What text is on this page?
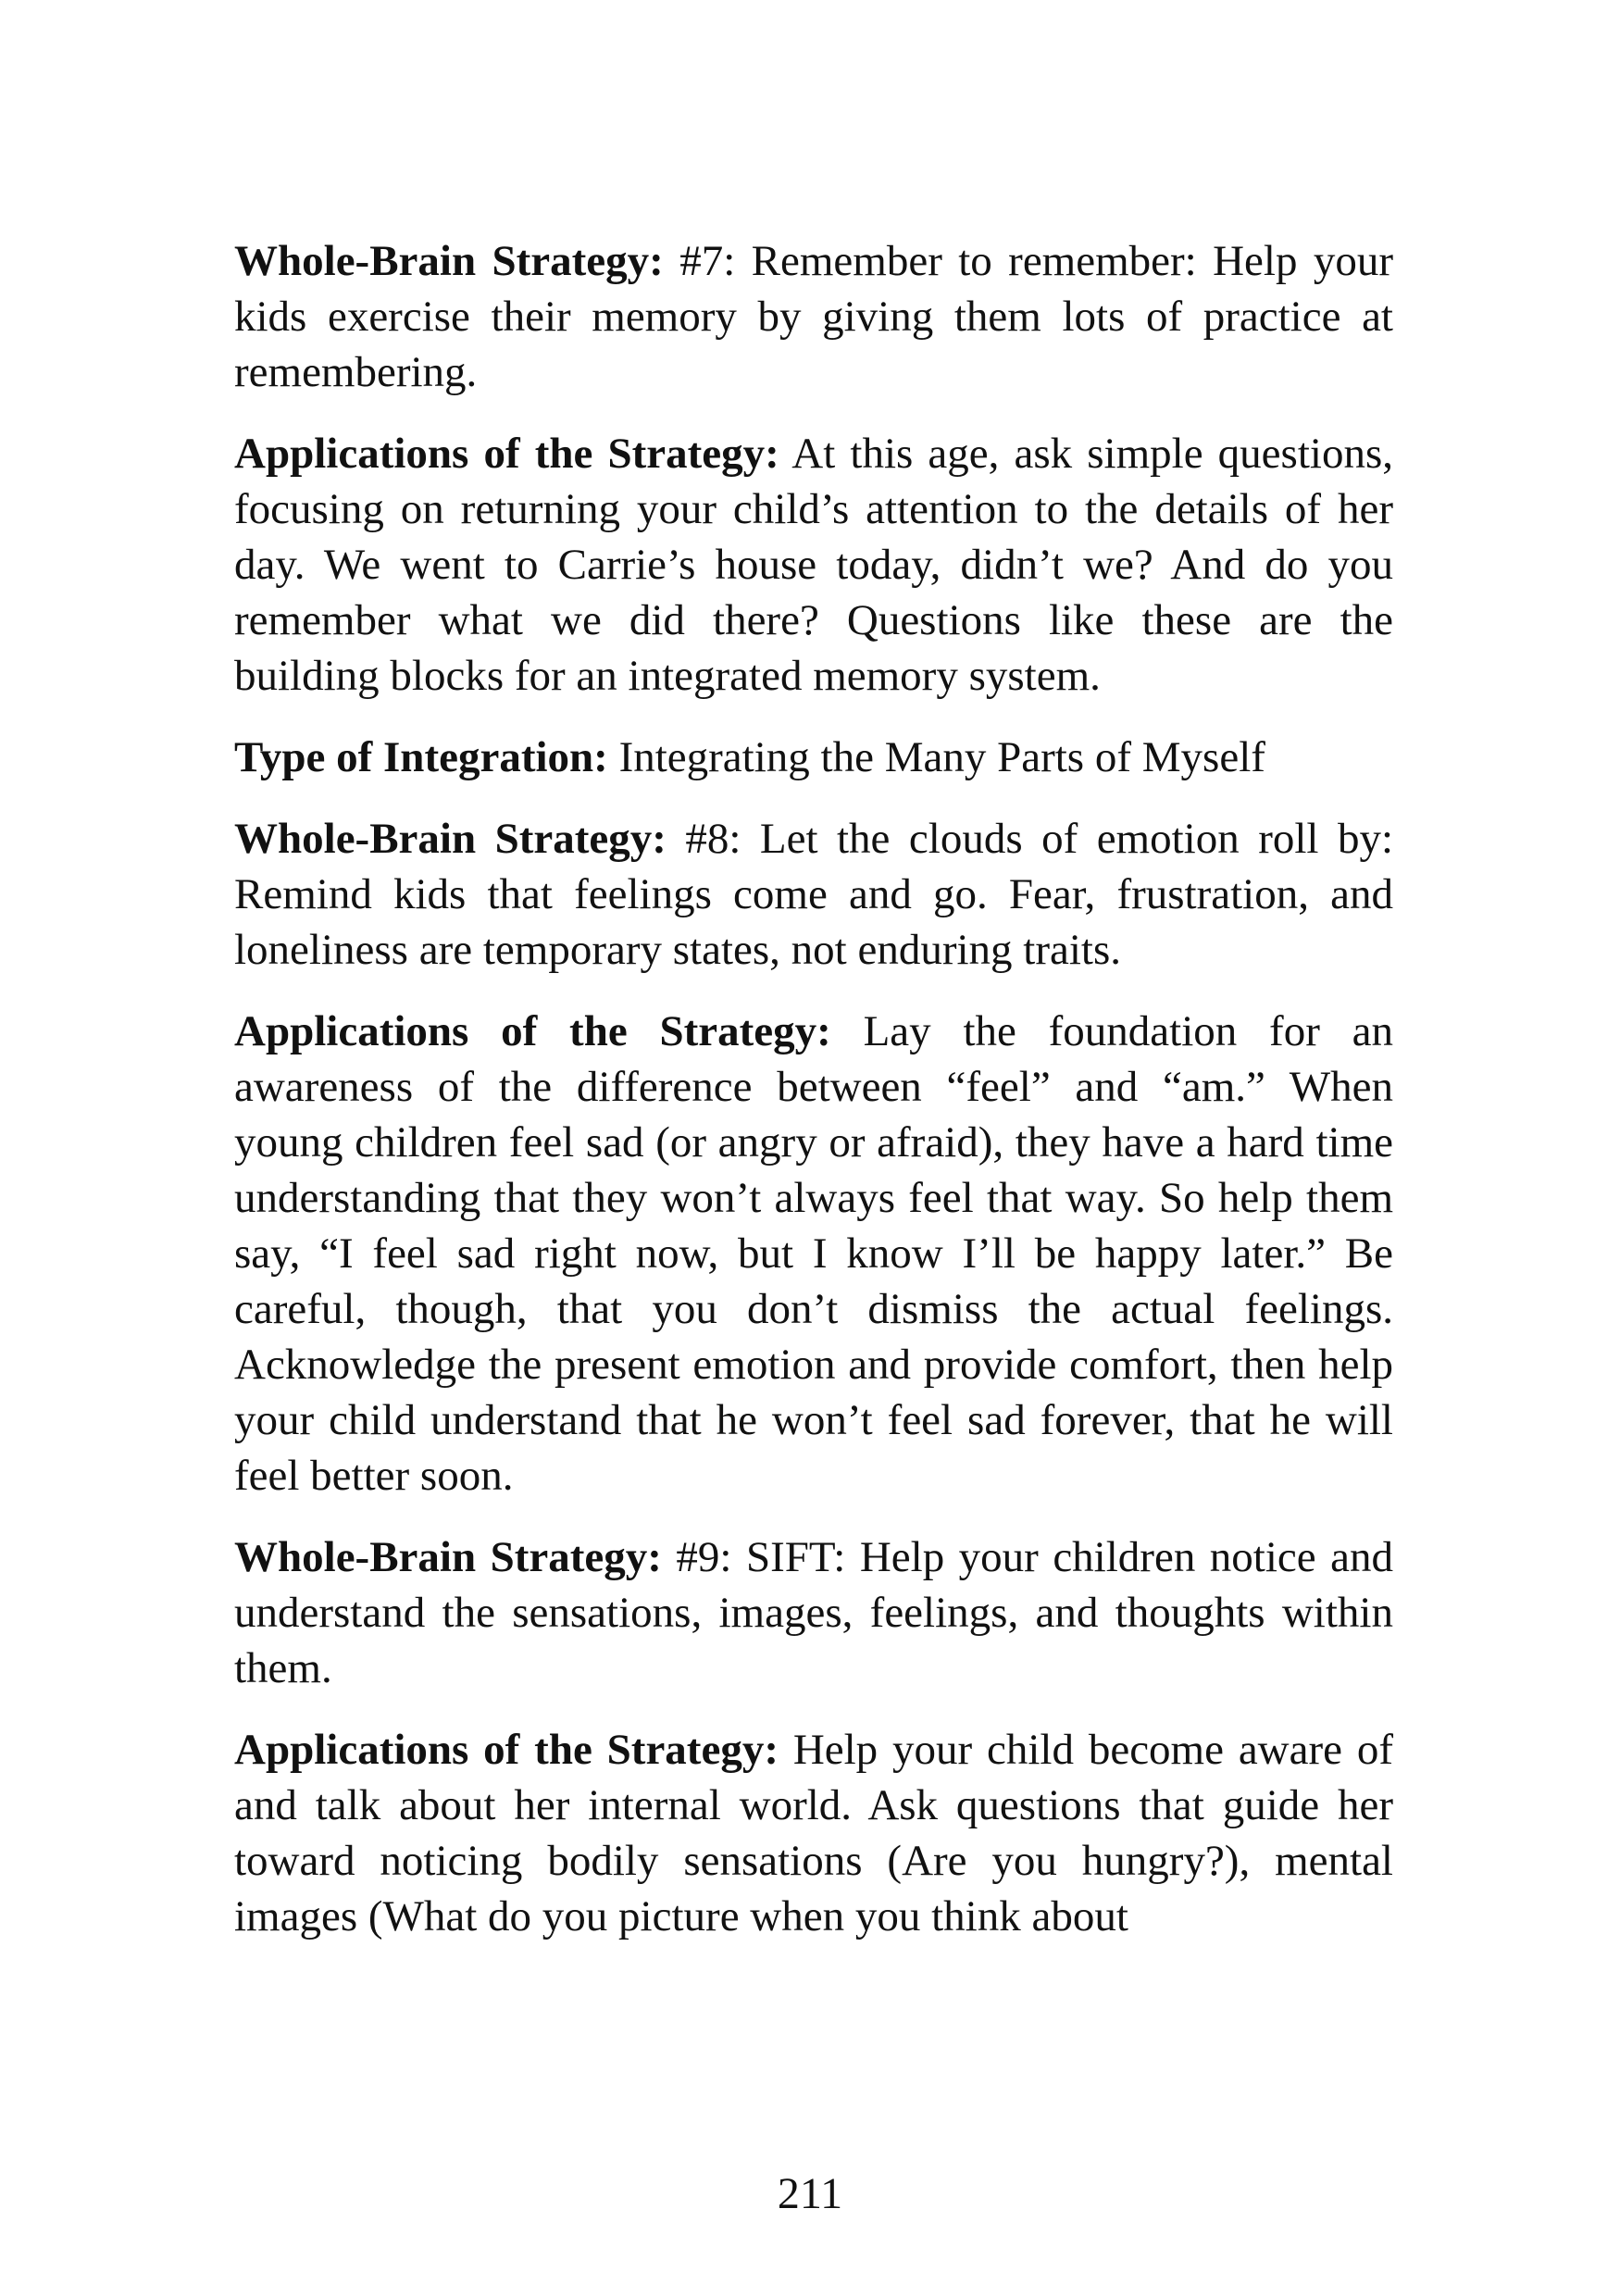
Whole-Brain Strategy: #7: Remember to remember: Help your kids exercise their memory by giving them lots of practice at remembering.

Applications of the Strategy: At this age, ask simple questions, focusing on returning your child’s attention to the details of her day. We went to Carrie’s house today, didn’t we? And do you remember what we did there? Questions like these are the building blocks for an integrated memory system.

Type of Integration: Integrating the Many Parts of Myself

Whole-Brain Strategy: #8: Let the clouds of emotion roll by: Remind kids that feelings come and go. Fear, frustration, and loneliness are temporary states, not enduring traits.

Applications of the Strategy: Lay the foundation for an awareness of the difference between “feel” and “am.” When young children feel sad (or angry or afraid), they have a hard time understanding that they won’t always feel that way. So help them say, “I feel sad right now, but I know I’ll be happy later.” Be careful, though, that you don’t dismiss the actual feelings. Acknowledge the present emotion and provide comfort, then help your child understand that he won’t feel sad forever, that he will feel better soon.

Whole-Brain Strategy: #9: SIFT: Help your children notice and understand the sensations, images, feelings, and thoughts within them.

Applications of the Strategy: Help your child become aware of and talk about her internal world. Ask questions that guide her toward noticing bodily sensations (Are you hungry?), mental images (What do you picture when you think about

211
